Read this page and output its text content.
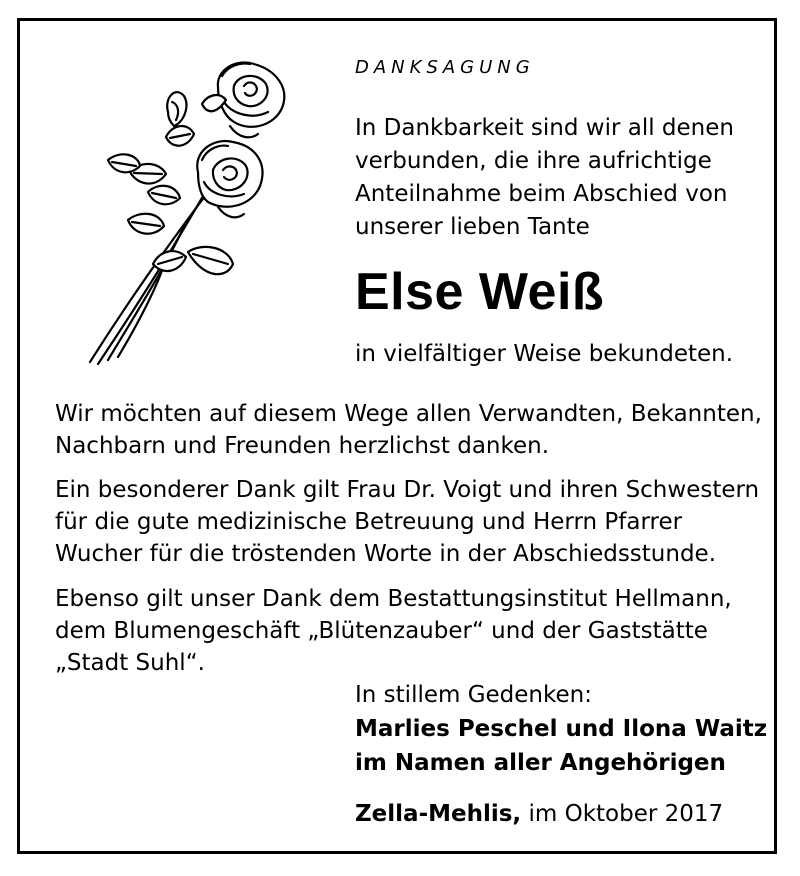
DANKSAGUNG
In Dankbarkeit sind wir all denen
verbunden, die ihre aufrichtige
Anteilnahme beim Abschied von
unserer lieben Tante
Else Weiß
in vielfältiger Weise bekundeten.
Wir möchten auf diesem Wege allen Verwandten, Bekannten,
Nachbarn und Freunden herzlichst danken.
Ein besonderer Dank gilt Frau Dr. Voigt und ihren Schwestern
für die gute medizinische Betreuung und Herrn Pfarrer
Wucher für die tröstenden Worte in der Abschiedsstunde.
Ebenso gilt unser Dank dem Bestattungsinstitut Hellmann,
dem Blumengeschäft „Blütenzauber“ und der Gaststätte
„Stadt Suhl“.
In stillem Gedenken:
Marlies Peschel und Ilona Waitz
im Namen aller Angehörigen
Zella-Mehlis, im Oktober 2017
